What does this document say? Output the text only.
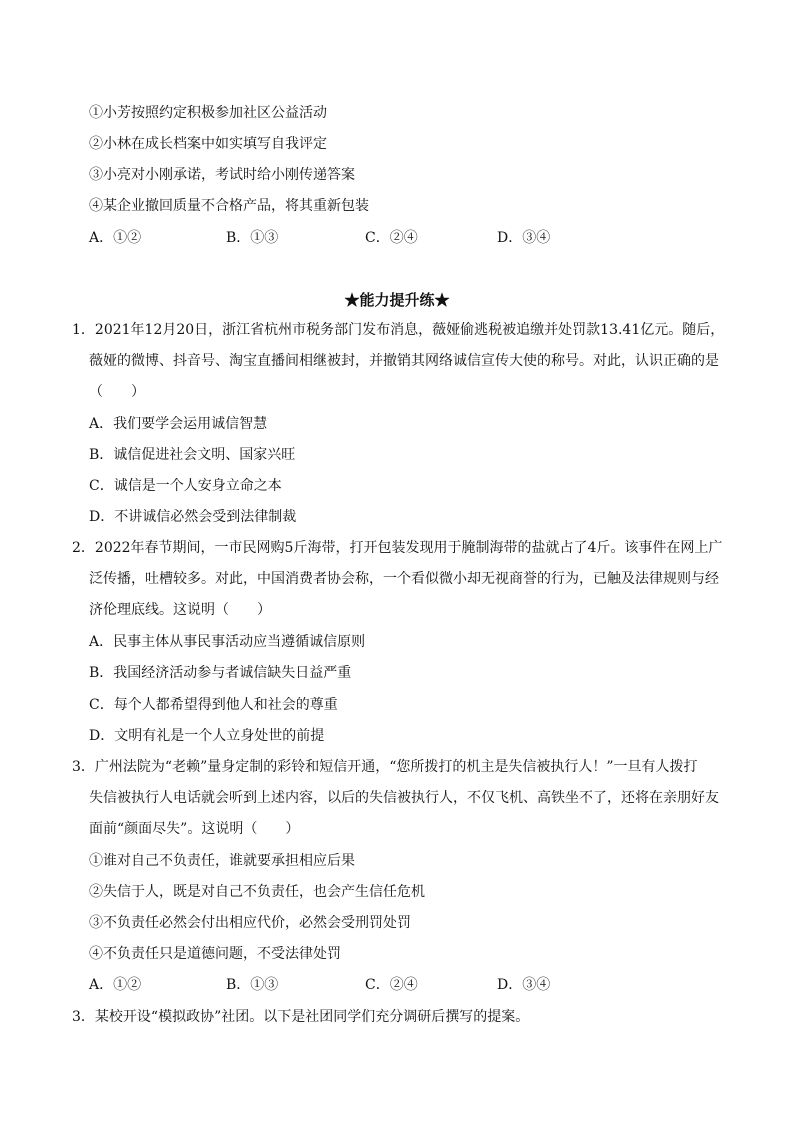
①小芳按照约定积极参加社区公益活动
②小林在成长档案中如实填写自我评定
③小亮对小刚承诺，考试时给小刚传递答案
④某企业撤回质量不合格产品，将其重新包装
A．①②	B．①③	C．②④	D．③④
★能力提升练★
1．2021年12月20日，浙江省杭州市税务部门发布消息，薇娅偷逃税被追缴并处罚款13.41亿元。随后，
薇娅的微博、抖音号、淘宝直播间相继被封，并撤销其网络诚信宣传大使的称号。对此，认识正确的是
（　　）
A．我们要学会运用诚信智慧
B．诚信促进社会文明、国家兴旺
C．诚信是一个人安身立命之本
D．不讲诚信必然会受到法律制裁
2．2022年春节期间，一市民网购5斤海带，打开包装发现用于腌制海带的盐就占了4斤。该事件在网上广
泛传播，吐槽较多。对此，中国消费者协会称，一个看似微小却无视商誉的行为，已触及法律规则与经
济伦理底线。这说明（　　）
A．民事主体从事民事活动应当遵循诚信原则
B．我国经济活动参与者诚信缺失日益严重
C．每个人都希望得到他人和社会的尊重
D．文明有礼是一个人立身处世的前提
3．广州法院为“老赖”量身定制的彩铃和短信开通，“您所拨打的机主是失信被执行人！”一旦有人拨打
失信被执行人电话就会听到上述内容，以后的失信被执行人，不仅飞机、高铁坐不了，还将在亲朋好友
面前“颜面尽失”。这说明（　　）
①谁对自己不负责任，谁就要承担相应后果
②失信于人，既是对自己不负责任，也会产生信任危机
③不负责任必然会付出相应代价，必然会受刑罚处罚
④不负责任只是道德问题，不受法律处罚
A．①②	B．①③	C．②④	D．③④
3．某校开设“模拟政协”社团。以下是社团同学们充分调研后撰写的提案。
